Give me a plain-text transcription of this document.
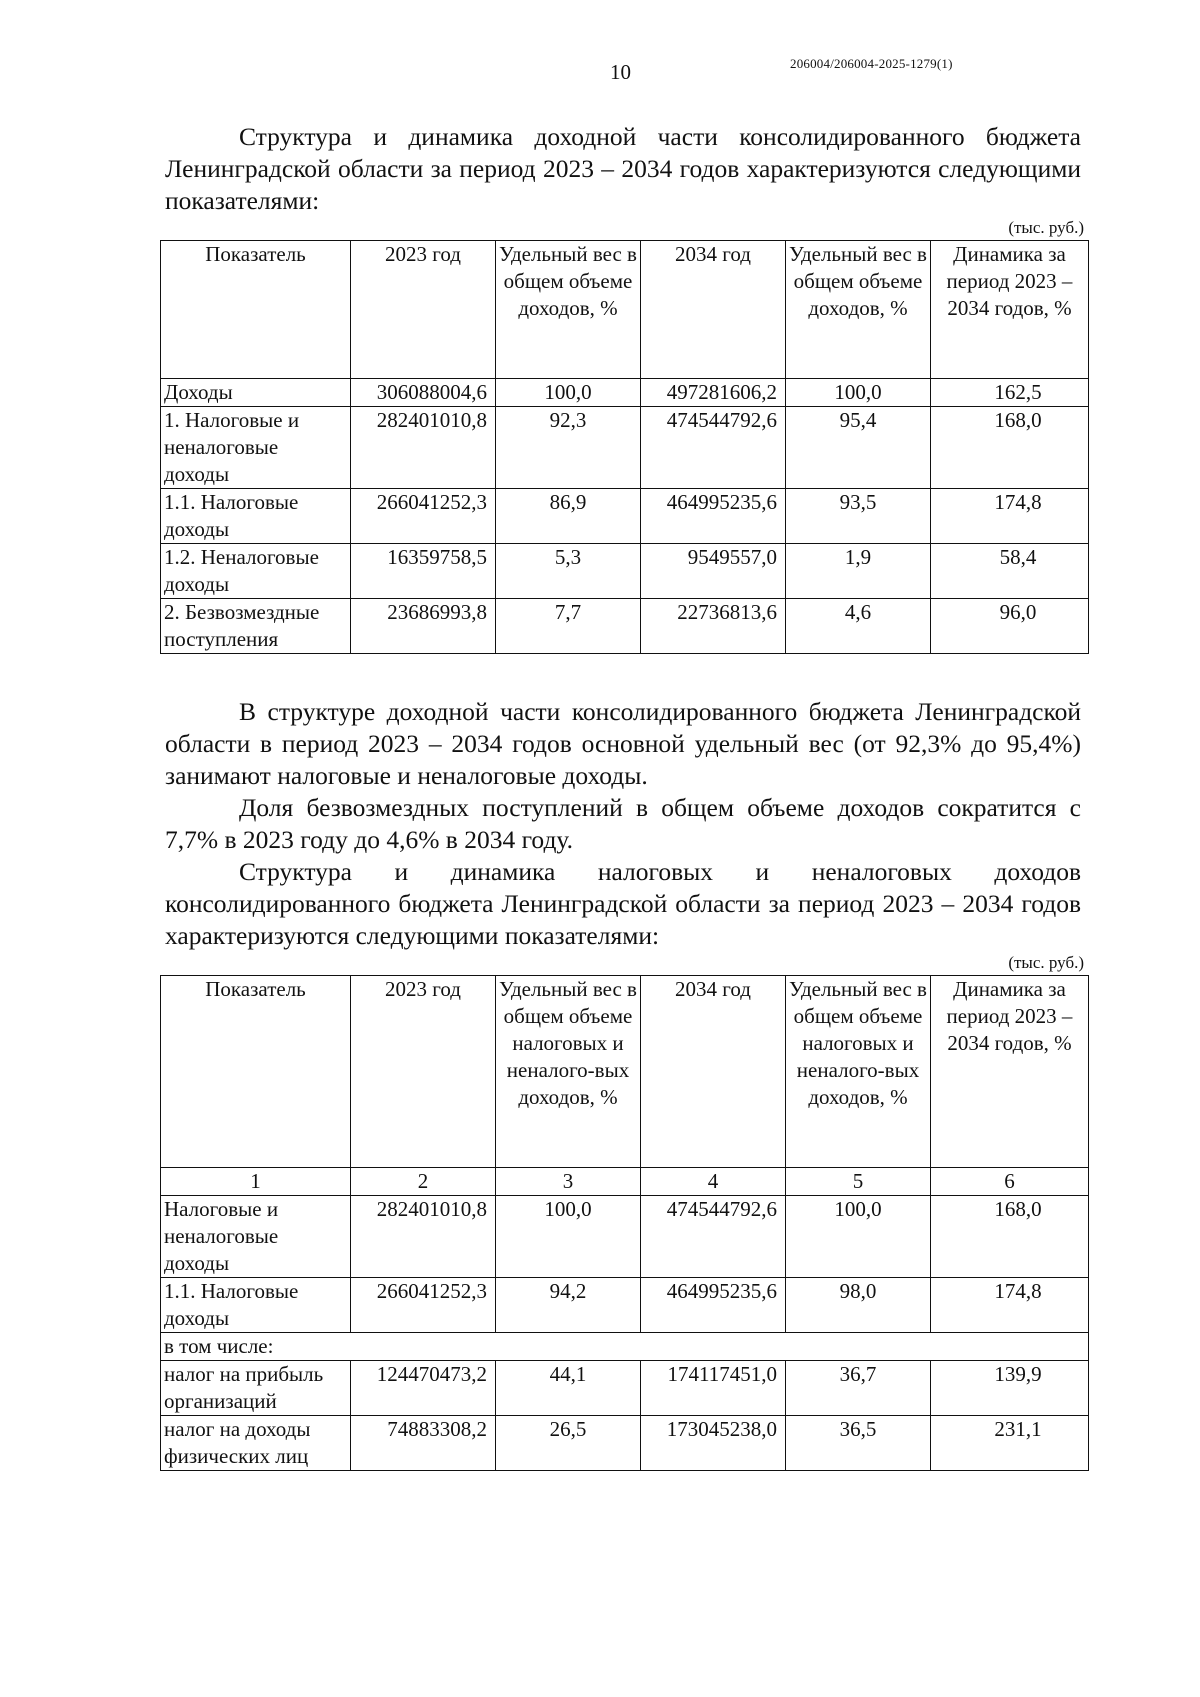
10	206004/206004-2025-1279(1)

Структура и динамика доходной части консолидированного бюджета Ленинградской области за период 2023 – 2034 годов характеризуются следующими показателями:

(тыс. руб.)
Показатель	2023 год	Удельный вес в общем объеме доходов, %	2034 год	Удельный вес в общем объеме доходов, %	Динамика за период 2023 – 2034 годов, %
Доходы	306088004,6	100,0	497281606,2	100,0	162,5
1. Налоговые и неналоговые доходы	282401010,8	92,3	474544792,6	95,4	168,0
1.1. Налоговые доходы	266041252,3	86,9	464995235,6	93,5	174,8
1.2. Неналоговые доходы	16359758,5	5,3	9549557,0	1,9	58,4
2. Безвозмездные поступления	23686993,8	7,7	22736813,6	4,6	96,0

В структуре доходной части консолидированного бюджета Ленинградской области в период 2023 – 2034 годов основной удельный вес (от 92,3% до 95,4%) занимают налоговые и неналоговые доходы.

Доля безвозмездных поступлений в общем объеме доходов сократится с 7,7% в 2023 году до 4,6% в 2034 году.

Структура и динамика налоговых и неналоговых доходов консолидированного бюджета Ленинградской области за период 2023 – 2034 годов характеризуются следующими показателями:

(тыс. руб.)
Показатель	2023 год	Удельный вес в общем объеме налоговых и неналого-вых доходов, %	2034 год	Удельный вес в общем объеме налоговых и неналого-вых доходов, %	Динамика за период 2023 – 2034 годов, %
1	2	3	4	5	6
Налоговые и неналоговые доходы	282401010,8	100,0	474544792,6	100,0	168,0
1.1. Налоговые доходы	266041252,3	94,2	464995235,6	98,0	174,8
в том числе:					
налог на прибыль организаций	124470473,2	44,1	174117451,0	36,7	139,9
налог на доходы физических лиц	74883308,2	26,5	173045238,0	36,5	231,1
